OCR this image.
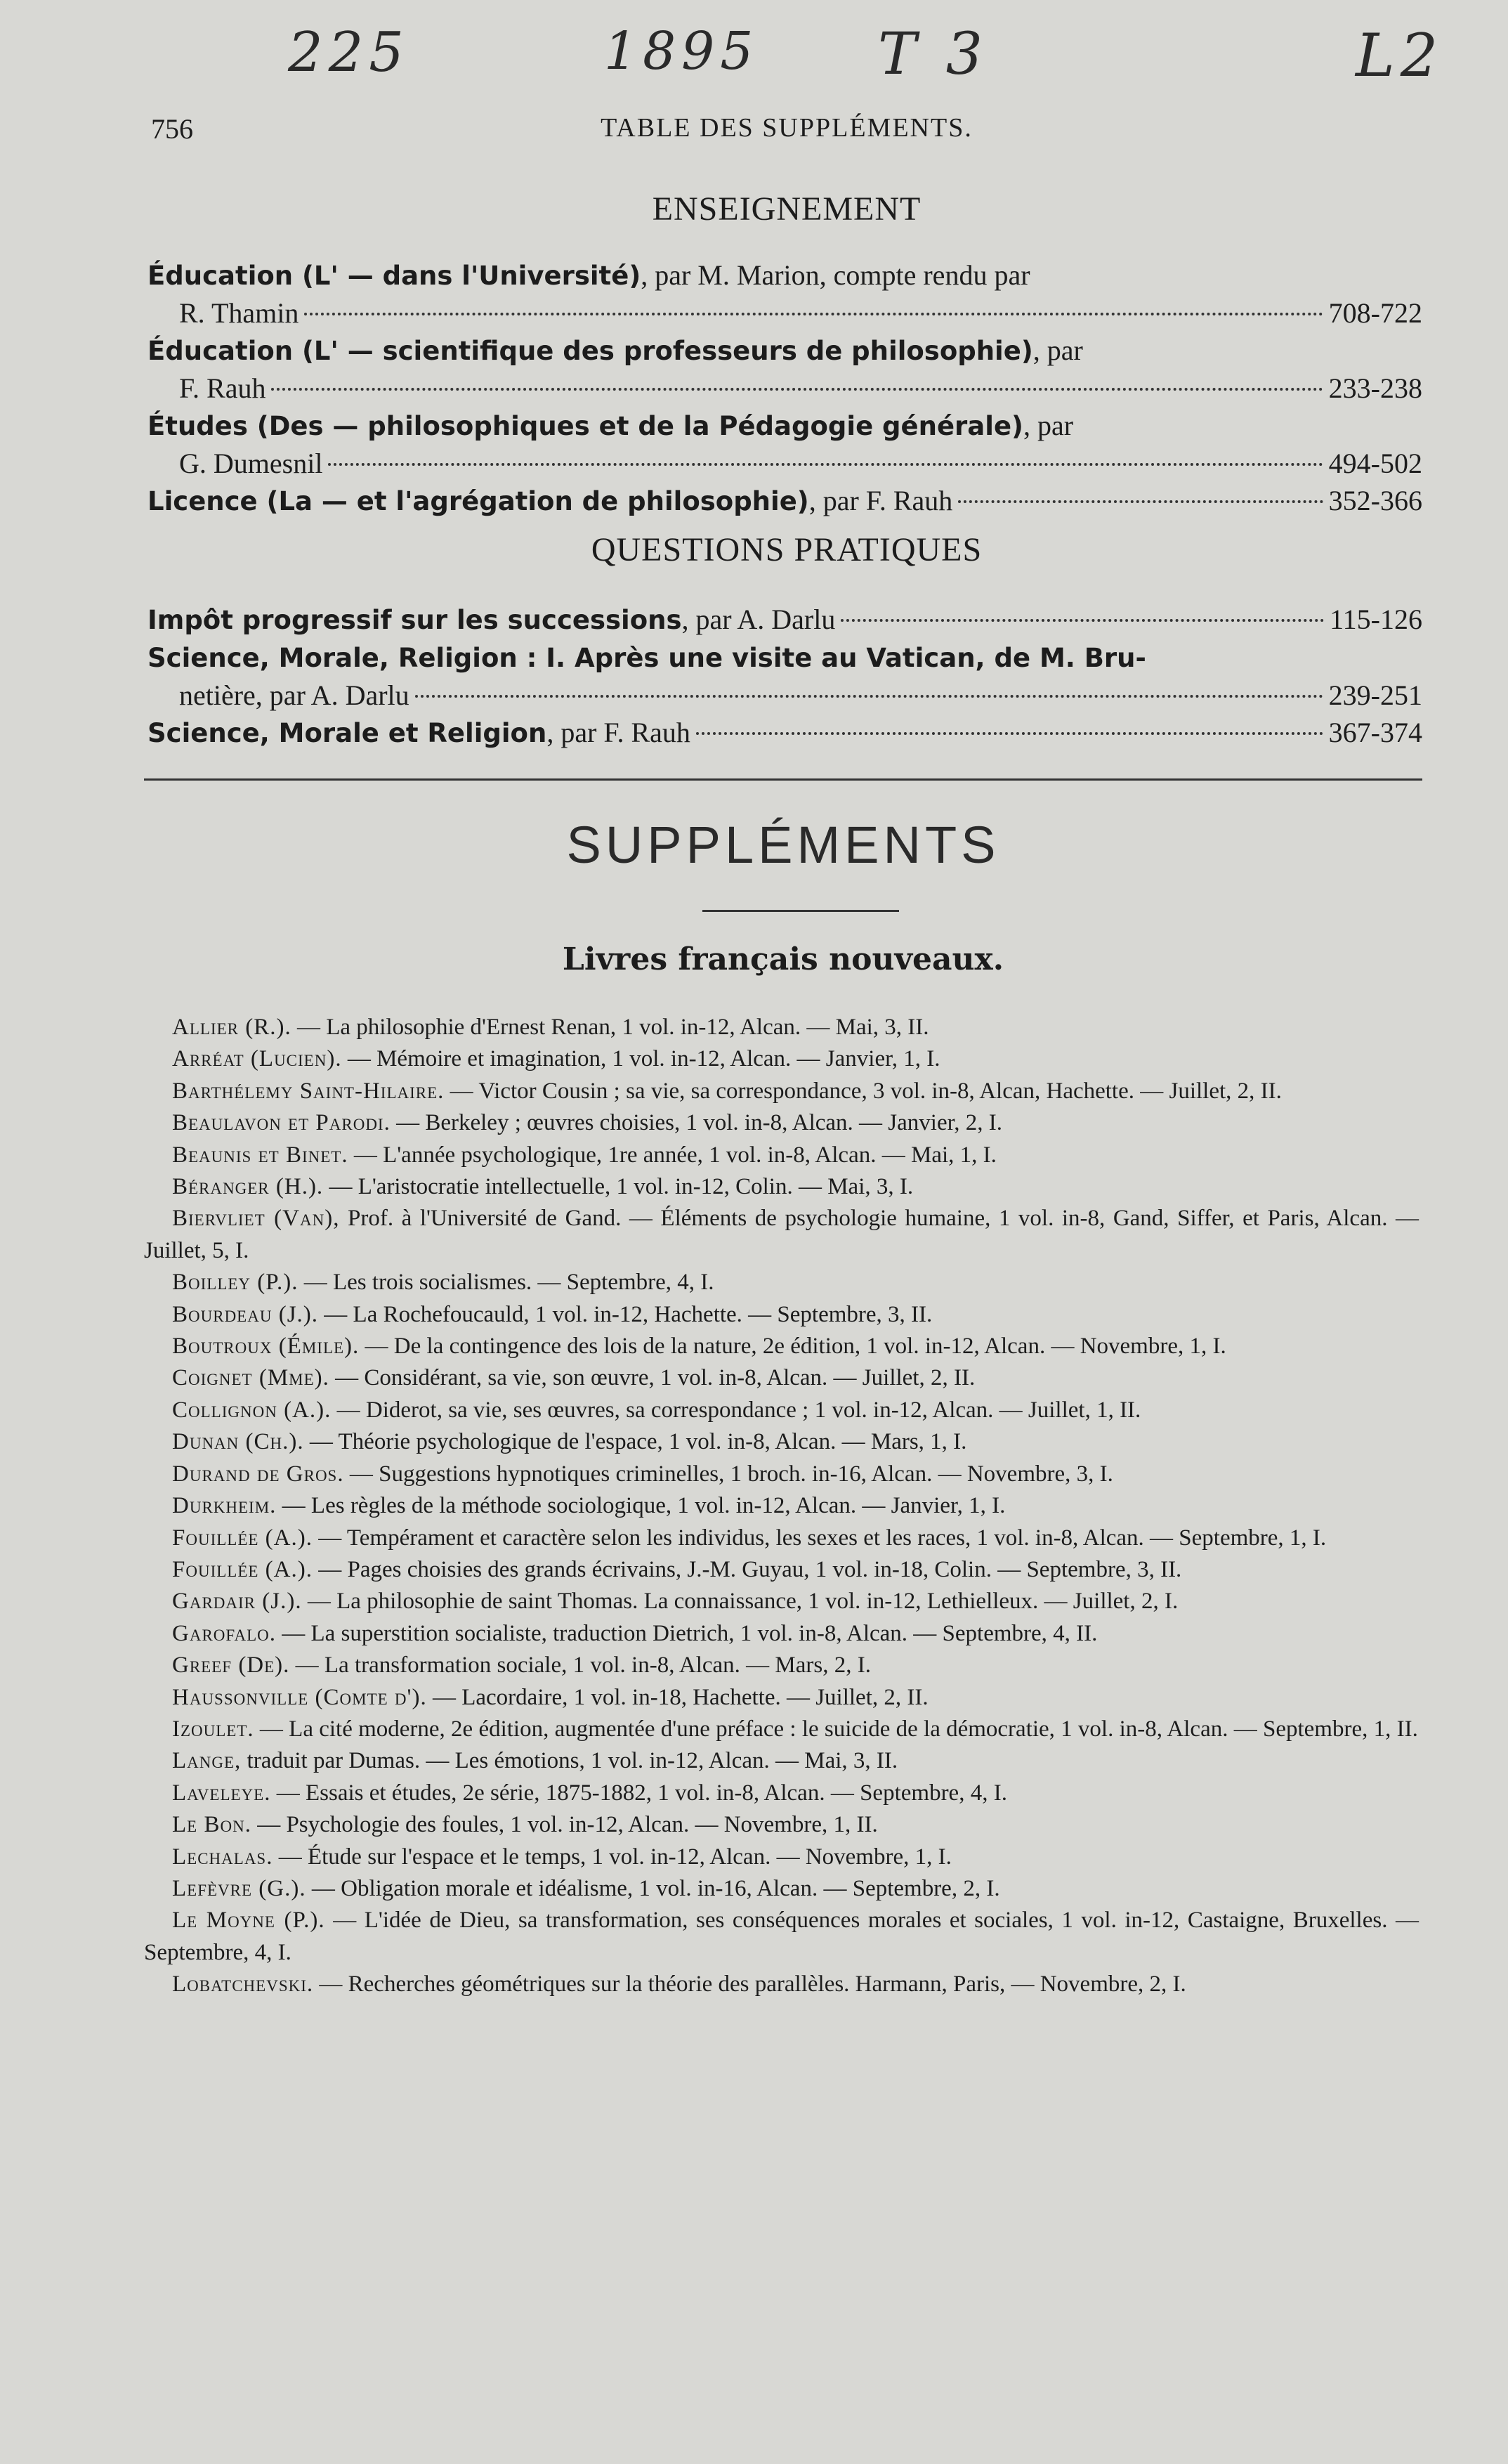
225	1895 T 3	L2
756	TABLE DES SUPPLÉMENTS.
ENSEIGNEMENT
Éducation (L' — dans l'Université), par M. Marion, compte rendu par
R. Thamin	708-722
Éducation (L' — scientifique des professeurs de philosophie), par
F. Rauh	233-238
Études (Des — philosophiques et de la Pédagogie générale), par
G. Dumesnil	494-502
Licence (La — et l'agrégation de philosophie) , par F. Rauh	352-366
QUESTIONS PRATIQUES
Impôt progressif sur les successions , par A. Darlu	115-126
Science, Morale, Religion : I. Après une visite au Vatican, de M. Bru-
netière, par A. Darlu	239-251
Science, Morale et Religion , par F. Rauh	367-374
SUPPLÉMENTS
Livres français nouveaux.

Allier (R.). — La philosophie d'Ernest Renan, 1 vol. in-12, Alcan. — Mai, 3, II.

Arréat (Lucien). — Mémoire et imagination, 1 vol. in-12, Alcan. — Janvier, 1, I.

Barthélemy Saint-Hilaire. — Victor Cousin ; sa vie, sa correspondance, 3 vol. in-8, Alcan, Hachette. — Juillet, 2, II.

Beaulavon et Parodi. — Berkeley ; œuvres choisies, 1 vol. in-8, Alcan. — Janvier, 2, I.

Beaunis et Binet. — L'année psychologique, 1re année, 1 vol. in-8, Alcan. — Mai, 1, I.

Béranger (H.). — L'aristocratie intellectuelle, 1 vol. in-12, Colin. — Mai, 3, I.

Biervliet (Van), Prof. à l'Université de Gand. — Éléments de psychologie humaine, 1 vol. in-8, Gand, Siffer, et Paris, Alcan. — Juillet, 5, I.

Boilley (P.). — Les trois socialismes. — Septembre, 4, I.

Bourdeau (J.). — La Rochefoucauld, 1 vol. in-12, Hachette. — Septembre, 3, II.

Boutroux (Émile). — De la contingence des lois de la nature, 2e édition, 1 vol. in-12, Alcan. — Novembre, 1, I.

Coignet (Mme). — Considérant, sa vie, son œuvre, 1 vol. in-8, Alcan. — Juillet, 2, II.

Collignon (A.). — Diderot, sa vie, ses œuvres, sa correspondance ; 1 vol. in-12, Alcan. — Juillet, 1, II.

Dunan (Ch.). — Théorie psychologique de l'espace, 1 vol. in-8, Alcan. — Mars, 1, I.

Durand de Gros. — Suggestions hypnotiques criminelles, 1 broch. in-16, Alcan. — Novembre, 3, I.

Durkheim. — Les règles de la méthode sociologique, 1 vol. in-12, Alcan. — Janvier, 1, I.

Fouillée (A.). — Tempérament et caractère selon les individus, les sexes et les races, 1 vol. in-8, Alcan. — Septembre, 1, I.

Fouillée (A.). — Pages choisies des grands écrivains, J.-M. Guyau, 1 vol. in-18, Colin. — Septembre, 3, II.

Gardair (J.). — La philosophie de saint Thomas. La connaissance, 1 vol. in-12, Lethielleux. — Juillet, 2, I.

Garofalo. — La superstition socialiste, traduction Dietrich, 1 vol. in-8, Alcan. — Septembre, 4, II.

Greef (De). — La transformation sociale, 1 vol. in-8, Alcan. — Mars, 2, I.

Haussonville (Comte d'). — Lacordaire, 1 vol. in-18, Hachette. — Juillet, 2, II.

Izoulet. — La cité moderne, 2e édition, augmentée d'une préface : le suicide de la démocratie, 1 vol. in-8, Alcan. — Septembre, 1, II.

Lange, traduit par Dumas. — Les émotions, 1 vol. in-12, Alcan. — Mai, 3, II.

Laveleye. — Essais et études, 2e série, 1875-1882, 1 vol. in-8, Alcan. — Septembre, 4, I.

Le Bon. — Psychologie des foules, 1 vol. in-12, Alcan. — Novembre, 1, II.

Lechalas. — Étude sur l'espace et le temps, 1 vol. in-12, Alcan. — Novembre, 1, I.

Lefèvre (G.). — Obligation morale et idéalisme, 1 vol. in-16, Alcan. — Septembre, 2, I.

Le Moyne (P.). — L'idée de Dieu, sa transformation, ses conséquences morales et sociales, 1 vol. in-12, Castaigne, Bruxelles. — Septembre, 4, I.

Lobatchevski. — Recherches géométriques sur la théorie des parallèles. Harmann, Paris, — Novembre, 2, I.
